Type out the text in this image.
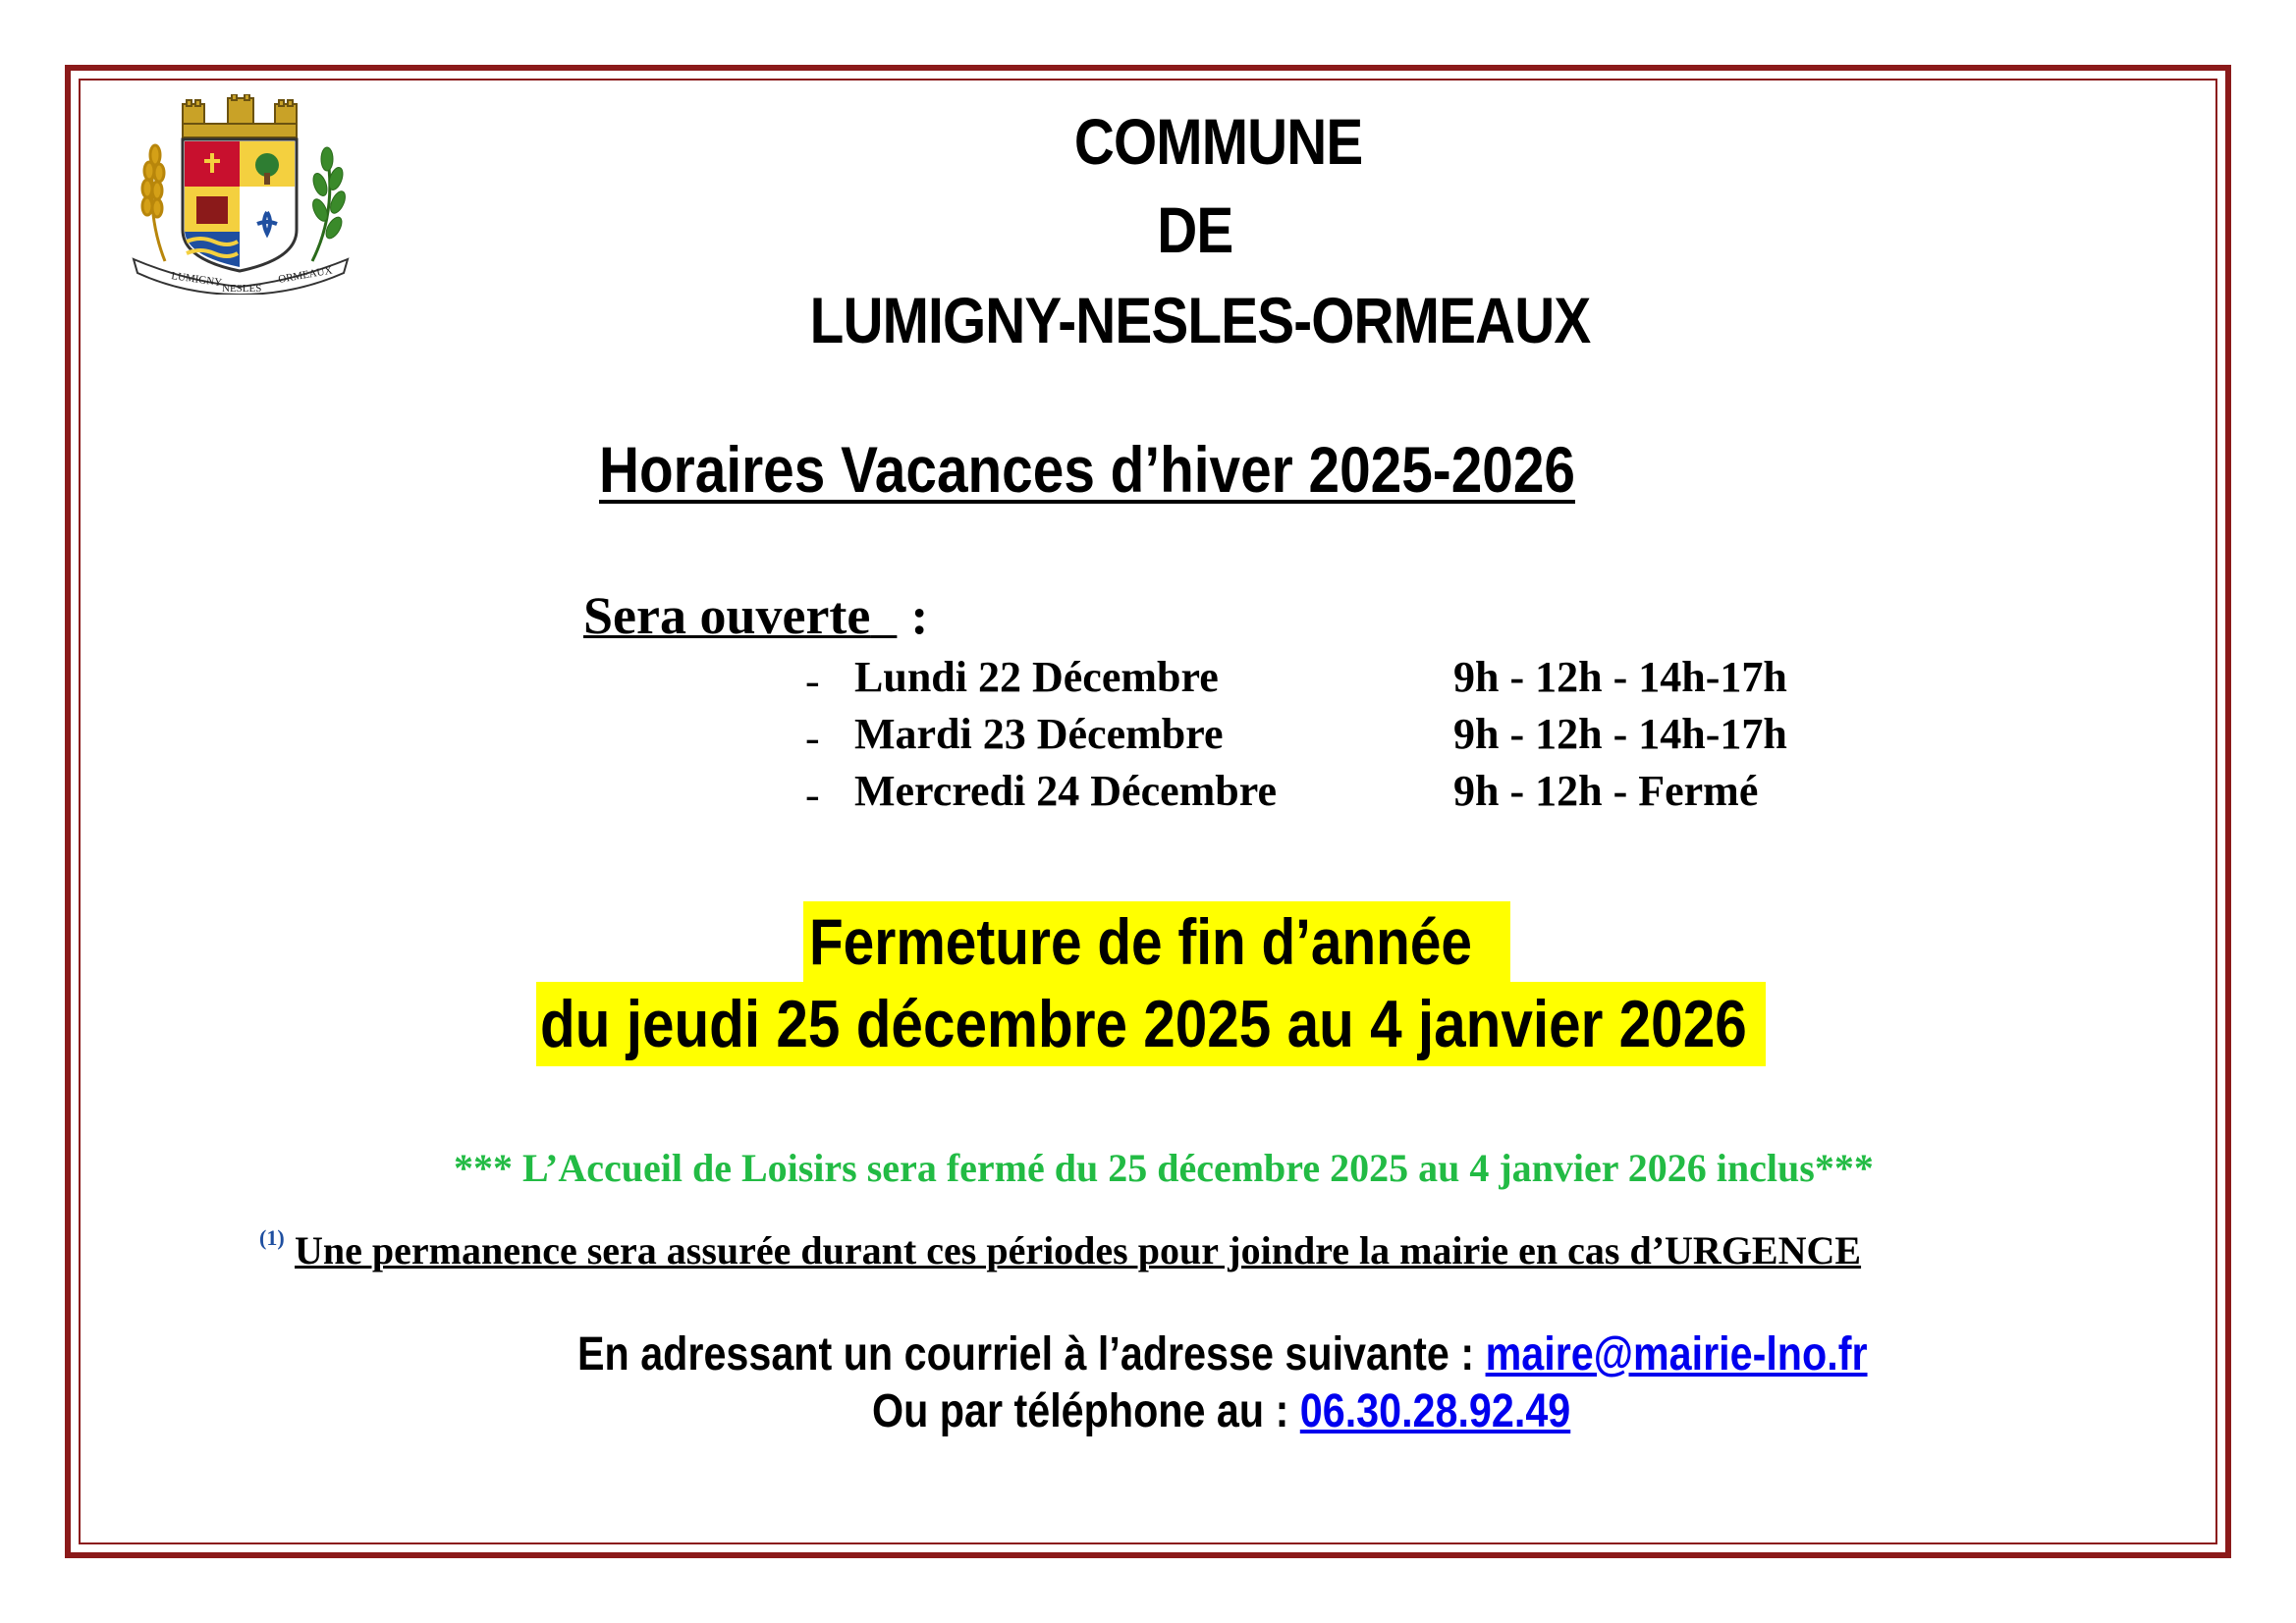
LUMIGNY NESLES
ORMEAUX
COMMUNE
DE
LUMIGNY-NESLES-ORMEAUX
Horaires Vacances d’hiver 2025-2026
Sera ouverte :
- Lundi 22 Décembre	9h - 12h - 14h-17h
- Mardi 23 Décembre	9h - 12h - 14h-17h
- Mercredi 24 Décembre	9h - 12h - Fermé
Fermeture de fin d’année
du jeudi 25 décembre 2025 au 4 janvier 2026
*** L’Accueil de Loisirs sera fermé du 25 décembre 2025 au 4 janvier 2026 inclus***
(1) Une permanence sera assurée durant ces périodes pour joindre la mairie en cas d’URGENCE
En adressant un courriel à l’adresse suivante : maire@mairie-lno.fr
Ou par téléphone au : 06.30.28.92.49
